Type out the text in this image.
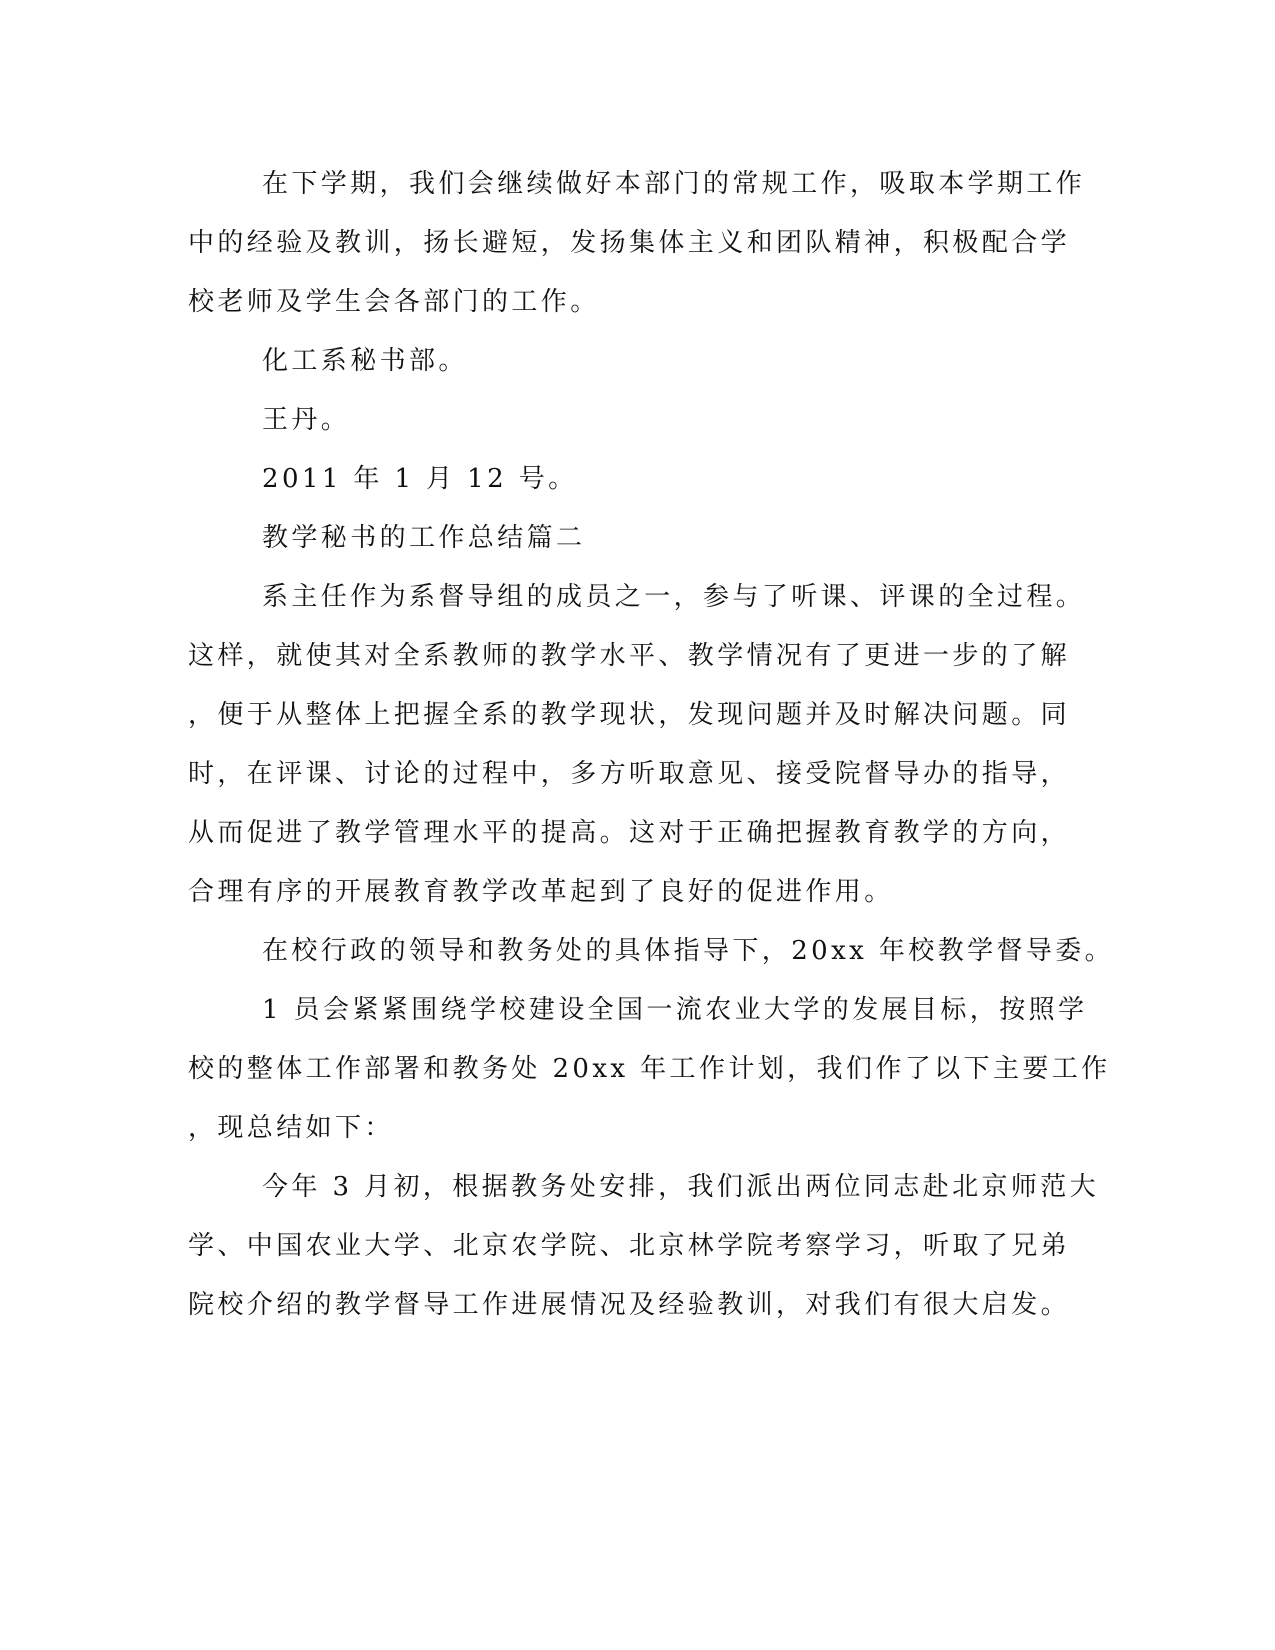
在下学期，我们会继续做好本部门的常规工作，吸取本学期工作
中的经验及教训，扬长避短，发扬集体主义和团队精神，积极配合学
校老师及学生会各部门的工作。
化工系秘书部。
王丹。
2011 年 1 月 12 号。
教学秘书的工作总结篇二
系主任作为系督导组的成员之一，参与了听课、评课的全过程。
这样，就使其对全系教师的教学水平、教学情况有了更进一步的了解
，便于从整体上把握全系的教学现状，发现问题并及时解决问题。同
时，在评课、讨论的过程中，多方听取意见、接受院督导办的指导，
从而促进了教学管理水平的提高。这对于正确把握教育教学的方向，
合理有序的开展教育教学改革起到了良好的促进作用。
在校行政的领导和教务处的具体指导下，20xx 年校教学督导委。
1 员会紧紧围绕学校建设全国一流农业大学的发展目标，按照学
校的整体工作部署和教务处 20xx 年工作计划，我们作了以下主要工作
，现总结如下：
今年 3 月初，根据教务处安排，我们派出两位同志赴北京师范大
学、中国农业大学、北京农学院、北京林学院考察学习，听取了兄弟
院校介绍的教学督导工作进展情况及经验教训，对我们有很大启发。
